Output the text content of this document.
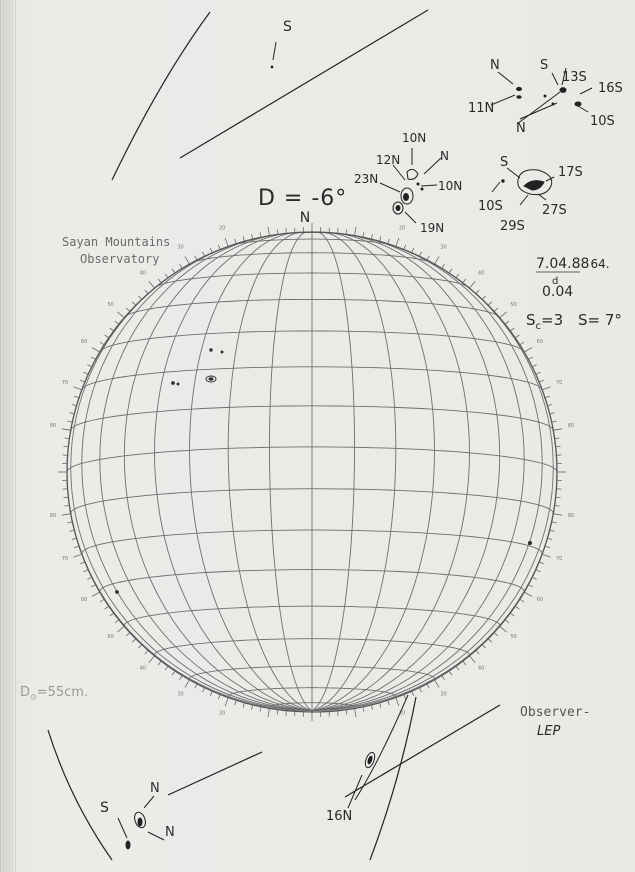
80
80
70
70
60
60
50
50
40
40
30
30
20
20
20
20
30
30
40
40
50
50
60
60
70
70
80
80
N
D = -6°
S
N	S
13S
16S
11N
N	10S
S
17S
10S
29S
27S
10N
12N	N
23N	10N
19N
S
N
N
16N
7.04.8864.
0.04
d
$S_c=3$ S= 7°
Observer-
LEP
Sayan Mountains
Observatory
$D_⊙=55cm$.
